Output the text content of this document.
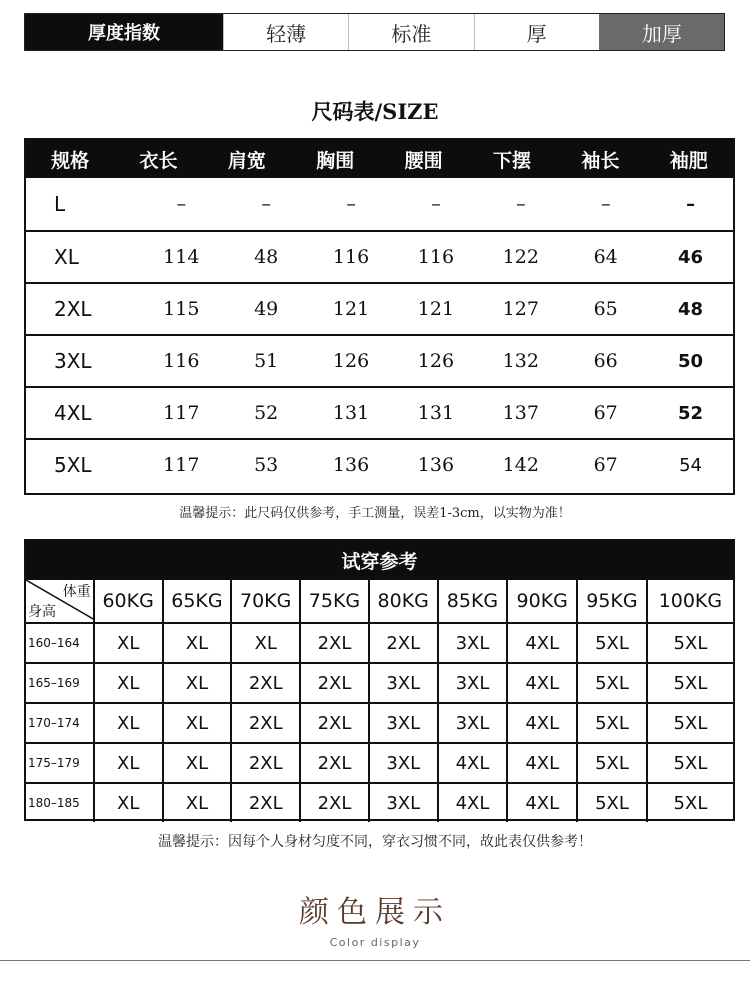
厚度指数	轻薄	标准	厚	加厚
尺码表/SIZE
规格	衣长	肩宽	胸围	腰围	下摆	袖长	袖肥
L	–	–	–	–	–	–	–
XL	114	48	116	116	122	64	46
2XL	115	49	121	121	127	65	48
3XL	116	51	126	126	132	66	50
4XL	117	52	131	131	137	67	52
5XL	117	53	136	136	142	67	54
温馨提示：此尺码仅供参考，手工测量，误差1-3cm，以实物为准！
试穿参考
体重
身高	60KG 65KG 70KG 75KG 80KG 85KG 90KG 95KG	100KG
160–164	XL	XL	XL	2XL	2XL	3XL	4XL	5XL	5XL
165–169	XL	XL	2XL	2XL	3XL	3XL	4XL	5XL	5XL
170–174	XL	XL	2XL	2XL	3XL	3XL	4XL	5XL	5XL
175–179	XL	XL	2XL	2XL	3XL	4XL	4XL	5XL	5XL
180–185	XL	XL	2XL	2XL	3XL	4XL	4XL	5XL	5XL
温馨提示：因每个人身材匀度不同，穿衣习惯不同，故此表仅供参考！
颜色展示
Color display
